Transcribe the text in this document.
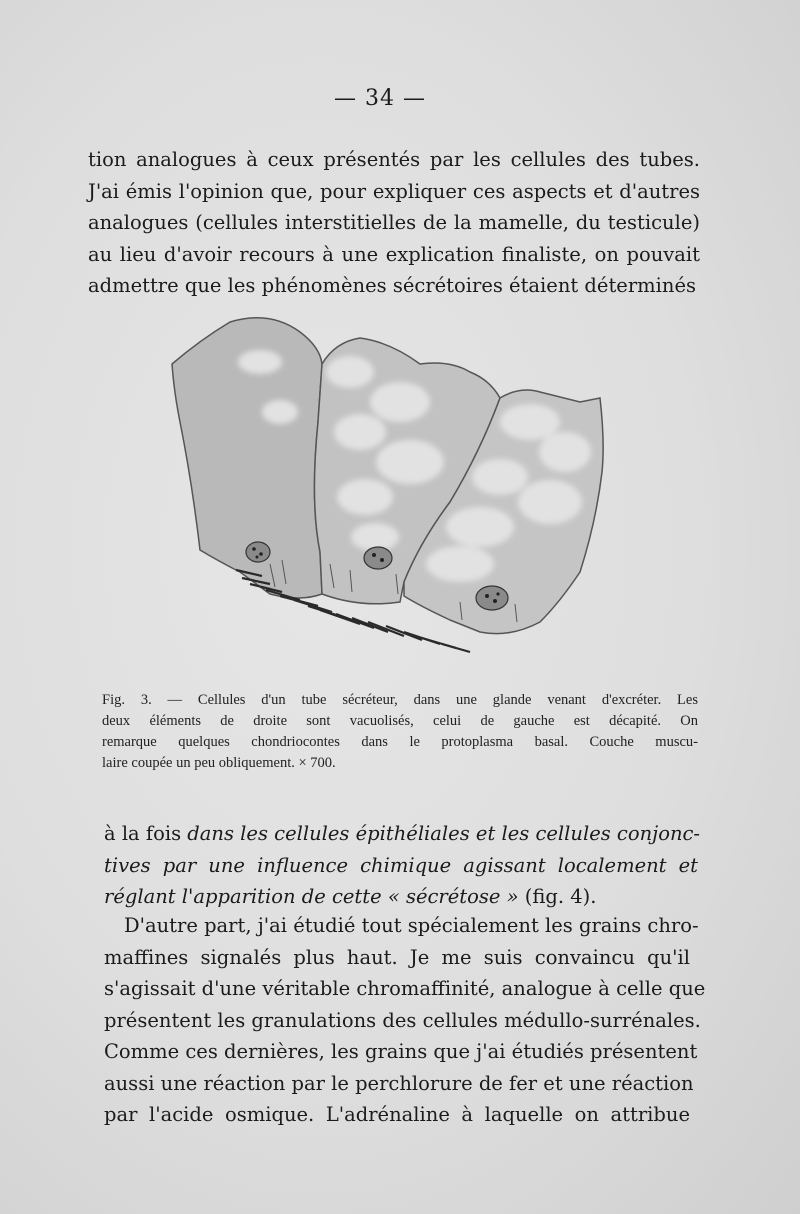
— 34 —

tion analogues à ceux présentés par les cellules des tubes.
J'ai émis l'opinion que, pour expliquer ces aspects et d'autres
analogues (cellules interstitielles de la mamelle, du testicule)
au lieu d'avoir recours à une explication finaliste, on pouvait
admettre que les phénomènes sécrétoires étaient déterminés

Fig. 3. — Cellules d'un tube sécréteur, dans une glande venant d'excréter. Les
deux éléments de droite sont vacuolisés, celui de gauche est décapité. On
remarque quelques chondriocontes dans le protoplasma basal. Couche muscu-
laire coupée un peu obliquement. × 700.

à la fois dans les cellules épithéliales et les cellules conjonc-
tives par une influence chimique agissant localement et
réglant l'apparition de cette « sécrétose » (fig. 4).

D'autre part, j'ai étudié tout spécialement les grains chro-
maffines signalés plus haut. Je me suis convaincu qu'il
s'agissait d'une véritable chromaffinité, analogue à celle que
présentent les granulations des cellules médullo-surrénales.
Comme ces dernières, les grains que j'ai étudiés présentent
aussi une réaction par le perchlorure de fer et une réaction
par l'acide osmique. L'adrénaline à laquelle on attribue
